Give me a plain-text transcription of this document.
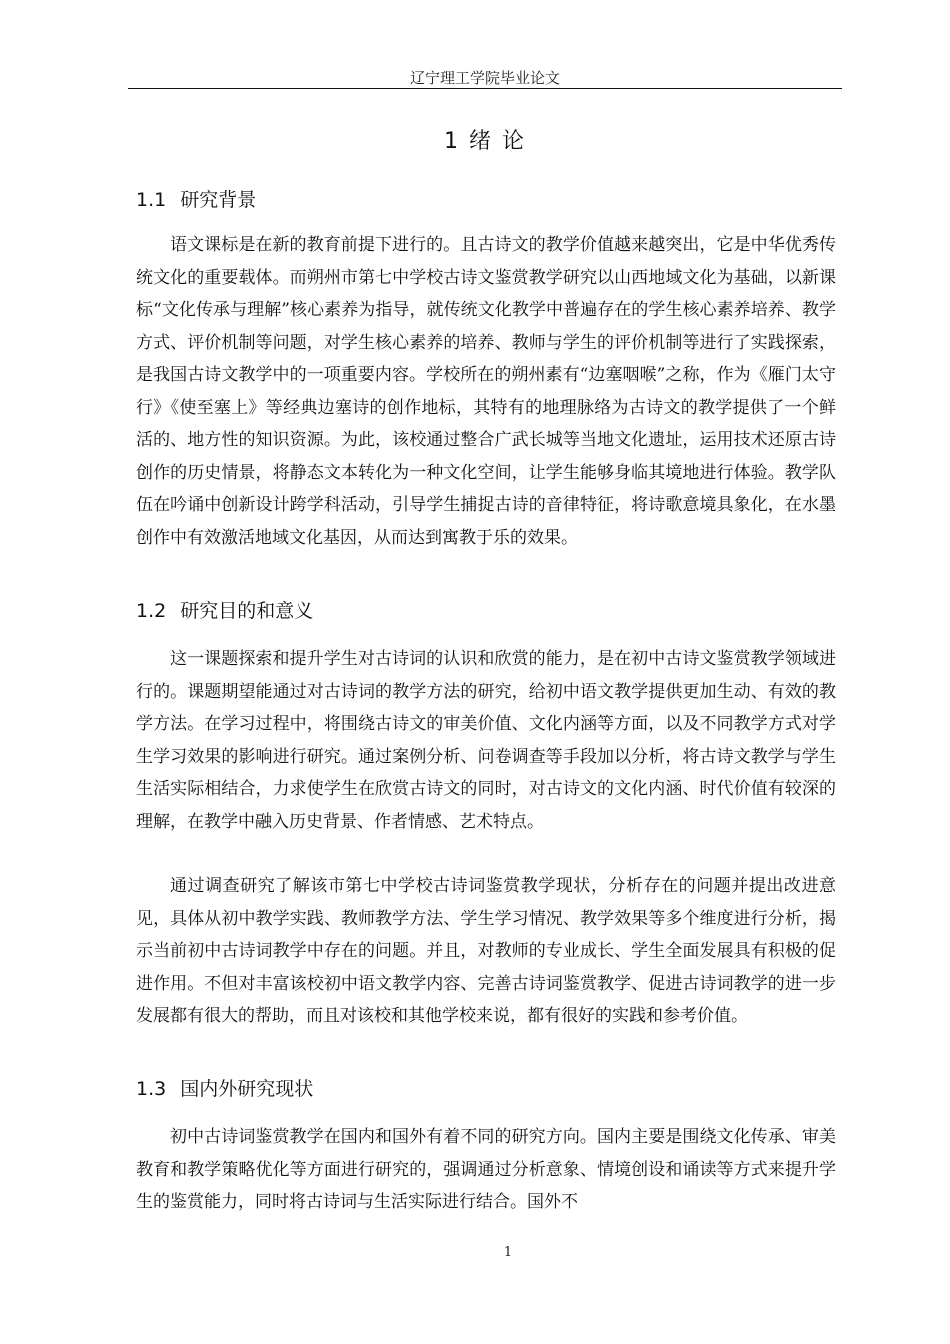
辽宁理工学院毕业论文
1 绪 论
1.1 研究背景

语文课标是在新的教育前提下进行的。且古诗文的教学价值越来越突出，它是中华优秀传统文化的重要载体。而朔州市第七中学校古诗文鉴赏教学研究以山西地域文化为基础，以新课标“文化传承与理解”核心素养为指导，就传统文化教学中普遍存在的学生核心素养培养、教学方式、评价机制等问题，对学生核心素养的培养、教师与学生的评价机制等进行了实践探索，是我国古诗文教学中的一项重要内容。学校所在的朔州素有“边塞咽喉”之称，作为《雁门太守行》《使至塞上》等经典边塞诗的创作地标，其特有的地理脉络为古诗文的教学提供了一个鲜活的、地方性的知识资源。为此，该校通过整合广武长城等当地文化遗址，运用技术还原古诗创作的历史情景，将静态文本转化为一种文化空间，让学生能够身临其境地进行体验。教学队伍在吟诵中创新设计跨学科活动，引导学生捕捉古诗的音律特征，将诗歌意境具象化，在水墨创作中有效激活地域文化基因，从而达到寓教于乐的效果。

1.2 研究目的和意义

这一课题探索和提升学生对古诗词的认识和欣赏的能力，是在初中古诗文鉴赏教学领域进行的。课题期望能通过对古诗词的教学方法的研究，给初中语文教学提供更加生动、有效的教学方法。在学习过程中，将围绕古诗文的审美价值、文化内涵等方面，以及不同教学方式对学生学习效果的影响进行研究。通过案例分析、问卷调查等手段加以分析，将古诗文教学与学生生活实际相结合，力求使学生在欣赏古诗文的同时，对古诗文的文化内涵、时代价值有较深的理解，在教学中融入历史背景、作者情感、艺术特点。

通过调查研究了解该市第七中学校古诗词鉴赏教学现状，分析存在的问题并提出改进意见，具体从初中教学实践、教师教学方法、学生学习情况、教学效果等多个维度进行分析，揭示当前初中古诗词教学中存在的问题。并且，对教师的专业成长、学生全面发展具有积极的促进作用。不但对丰富该校初中语文教学内容、完善古诗词鉴赏教学、促进古诗词教学的进一步发展都有很大的帮助，而且对该校和其他学校来说，都有很好的实践和参考价值。

1.3 国内外研究现状

初中古诗词鉴赏教学在国内和国外有着不同的研究方向。国内主要是围绕文化传承、审美教育和教学策略优化等方面进行研究的，强调通过分析意象、情境创设和诵读等方式来提升学生的鉴赏能力，同时将古诗词与生活实际进行结合。国外不

1
